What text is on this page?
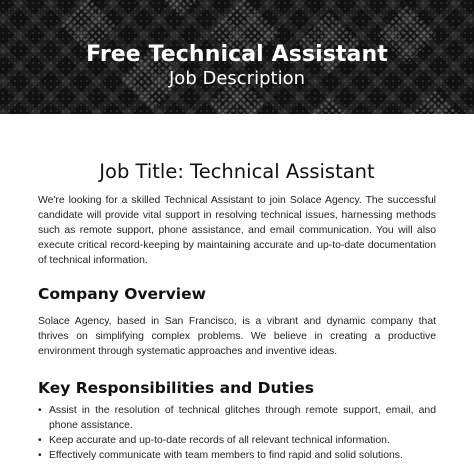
Free Technical Assistant
Job Description
Job Title: Technical Assistant

We're looking for a skilled Technical Assistant to join Solace Agency. The successful candidate will provide vital support in resolving technical issues, harnessing methods such as remote support, phone assistance, and email communication. You will also execute critical record-keeping by maintaining accurate and up-to-date documentation of technical information.

Company Overview

Solace Agency, based in San Francisco, is a vibrant and dynamic company that thrives on simplifying complex problems. We believe in creating a productive environment through systematic approaches and inventive ideas.

Key Responsibilities and Duties
• Assist in the resolution of technical glitches through remote support, email, and phone assistance.
• Keep accurate and up-to-date records of all relevant technical information.
• Effectively communicate with team members to find rapid and solid solutions.
